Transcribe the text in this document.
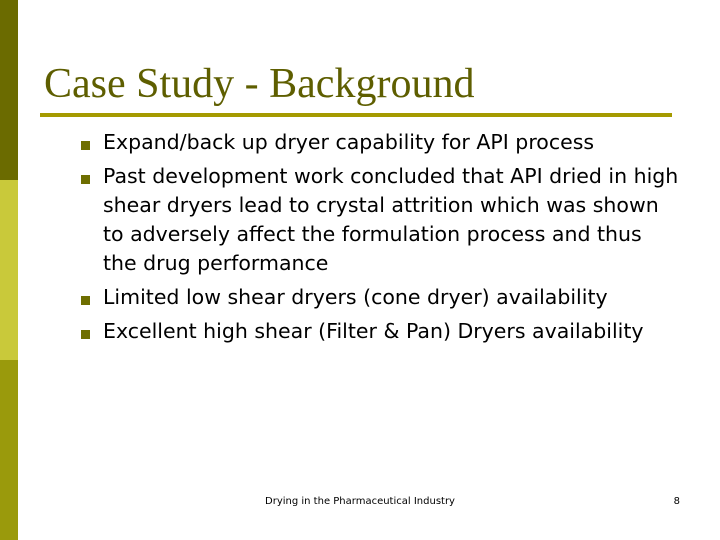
Case Study - Background
Expand/back up dryer capability for API process
Past development work concluded that API dried in high shear dryers lead to crystal attrition which was shown to adversely affect the formulation process and thus the drug performance
Limited low shear dryers (cone dryer) availability
Excellent high shear (Filter & Pan) Dryers availability
Drying in the Pharmaceutical Industry	8
